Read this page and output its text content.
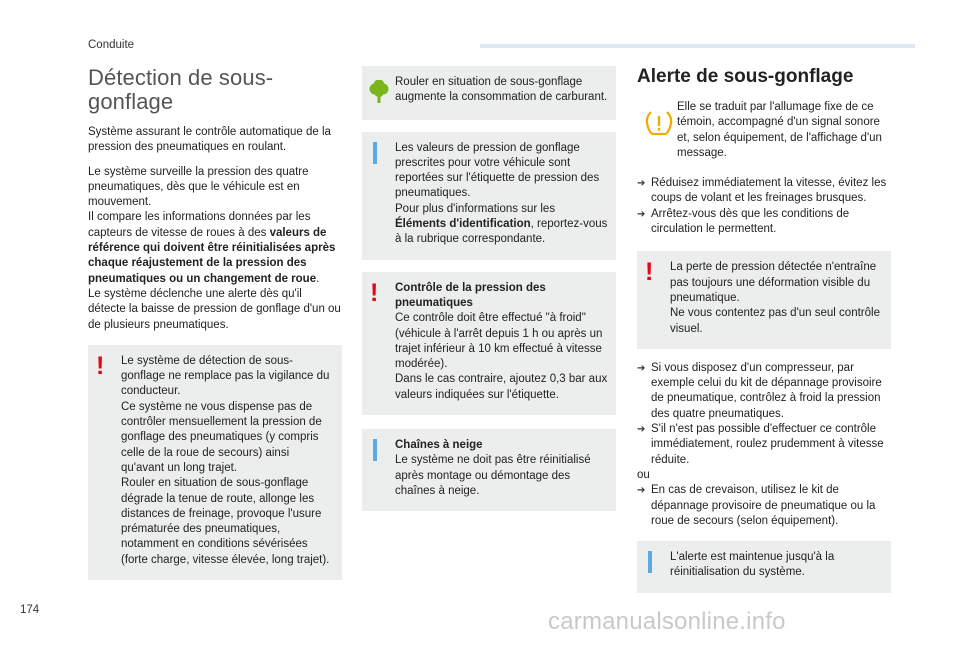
Conduite
Détection de sous-gonflage

Système assurant le contrôle automatique de la pression des pneumatiques en roulant.

Le système surveille la pression des quatre pneumatiques, dès que le véhicule est en mouvement.
Il compare les informations données par les capteurs de vitesse de roues à des valeurs de référence qui doivent être réinitialisées après chaque réajustement de la pression des pneumatiques ou un changement de roue.
Le système déclenche une alerte dès qu'il détecte la baisse de pression de gonflage d'un ou de plusieurs pneumatiques.

! Le système de détection de sous-gonflage ne remplace pas la vigilance du conducteur.
Ce système ne vous dispense pas de contrôler mensuellement la pression de gonflage des pneumatiques (y compris celle de la roue de secours) ainsi qu'avant un long trajet.
Rouler en situation de sous-gonflage dégrade la tenue de route, allonge les distances de freinage, provoque l'usure prématurée des pneumatiques, notamment en conditions sévérisées (forte charge, vitesse élevée, long trajet).
Rouler en situation de sous-gonflage augmente la consommation de carburant.
Les valeurs de pression de gonflage prescrites pour votre véhicule sont reportées sur l'étiquette de pression des pneumatiques.
Pour plus d'informations sur les Éléments d'identification, reportez-vous à la rubrique correspondante.
! Contrôle de la pression des pneumatiques
Ce contrôle doit être effectué "à froid" (véhicule à l'arrêt depuis 1 h ou après un trajet inférieur à 10 km effectué à vitesse modérée).
Dans le cas contraire, ajoutez 0,3 bar aux valeurs indiquées sur l'étiquette.
Chaînes à neige
Le système ne doit pas être réinitialisé après montage ou démontage des chaînes à neige.
Alerte de sous-gonflage
Elle se traduit par l'allumage fixe de ce témoin, accompagné d'un signal sonore et, selon équipement, de l'affichage d'un message.
➔ Réduisez immédiatement la vitesse, évitez les coups de volant et les freinages brusques.
➔ Arrêtez-vous dès que les conditions de circulation le permettent.
! La perte de pression détectée n'entraîne pas toujours une déformation visible du pneumatique.
Ne vous contentez pas d'un seul contrôle visuel.
➔ Si vous disposez d'un compresseur, par exemple celui du kit de dépannage provisoire de pneumatique, contrôlez à froid la pression des quatre pneumatiques.
➔ S'il n'est pas possible d'effectuer ce contrôle immédiatement, roulez prudemment à vitesse réduite.
ou
➔ En cas de crevaison, utilisez le kit de dépannage provisoire de pneumatique ou la roue de secours (selon équipement).
L'alerte est maintenue jusqu'à la réinitialisation du système.
174	carmanualsonline.info
